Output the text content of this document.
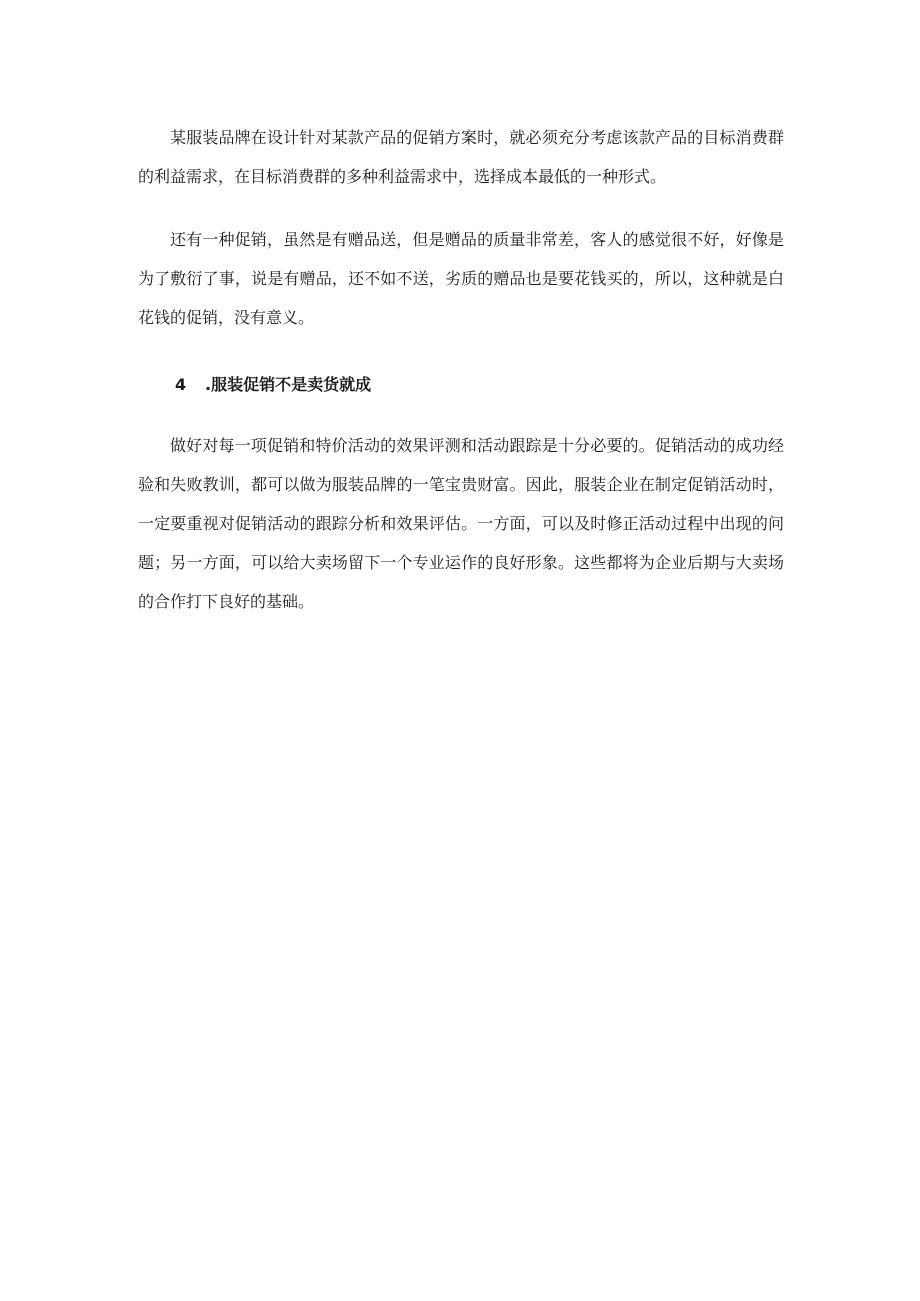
某服装品牌在设计针对某款产品的促销方案时，就必须充分考虑该款产品的目标消费群的利益需求，在目标消费群的多种利益需求中，选择成本最低的一种形式。

还有一种促销，虽然是有赠品送，但是赠品的质量非常差，客人的感觉很不好，好像是为了敷衍了事，说是有赠品，还不如不送，劣质的赠品也是要花钱买的，所以，这种就是白花钱的促销，没有意义。

4 .服装促销不是卖货就成

做好对每一项促销和特价活动的效果评测和活动跟踪是十分必要的。促销活动的成功经验和失败教训，都可以做为服装品牌的一笔宝贵财富。因此，服装企业在制定促销活动时，一定要重视对促销活动的跟踪分析和效果评估。一方面，可以及时修正活动过程中出现的问题；另一方面，可以给大卖场留下一个专业运作的良好形象。这些都将为企业后期与大卖场的合作打下良好的基础。
